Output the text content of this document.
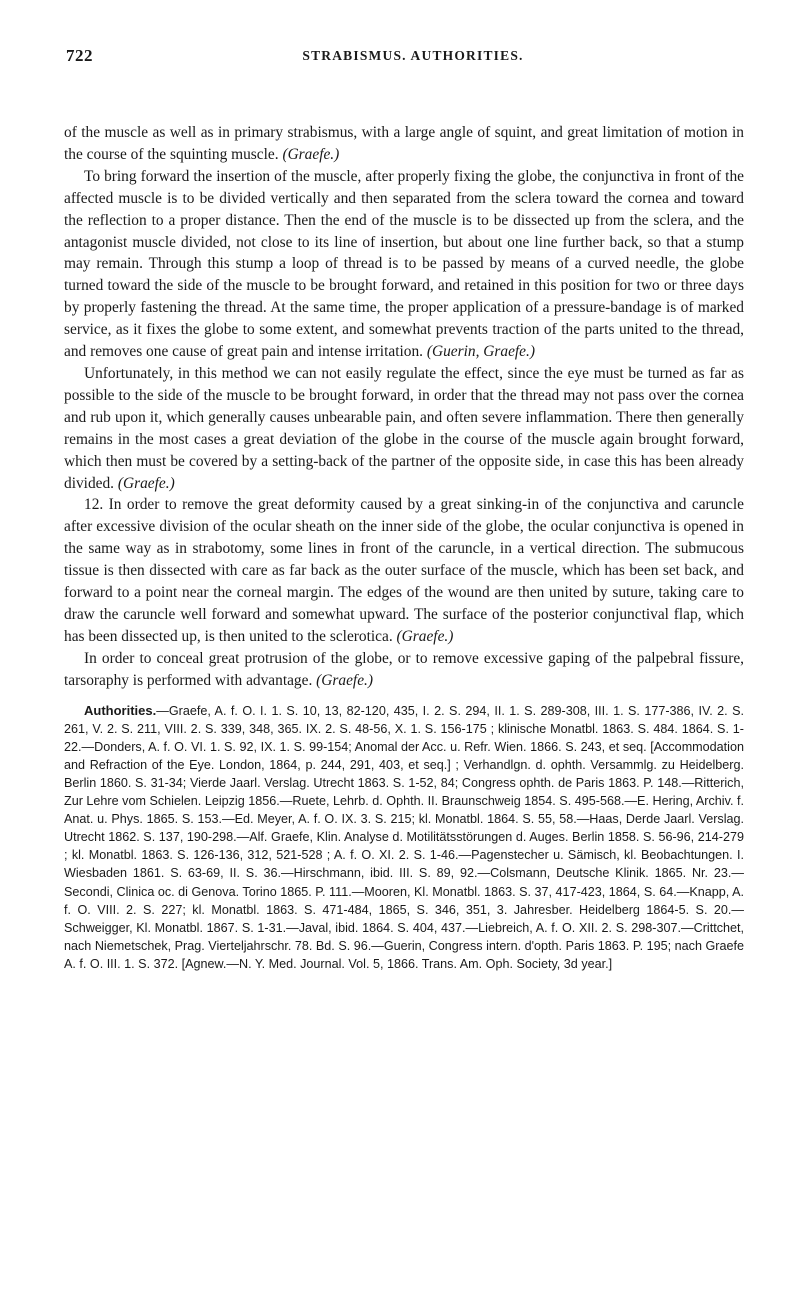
722	STRABISMUS. AUTHORITIES.

of the muscle as well as in primary strabismus, with a large angle of squint, and great limitation of motion in the course of the squinting muscle. (Graefe.)

To bring forward the insertion of the muscle, after properly fixing the globe, the conjunctiva in front of the affected muscle is to be divided vertically and then separated from the sclera toward the cornea and toward the reflection to a proper distance. Then the end of the muscle is to be dissected up from the sclera, and the antagonist muscle divided, not close to its line of insertion, but about one line further back, so that a stump may remain. Through this stump a loop of thread is to be passed by means of a curved needle, the globe turned toward the side of the muscle to be brought forward, and retained in this position for two or three days by properly fastening the thread. At the same time, the proper application of a pressure-bandage is of marked service, as it fixes the globe to some extent, and somewhat prevents traction of the parts united to the thread, and removes one cause of great pain and intense irritation. (Guerin, Graefe.)

Unfortunately, in this method we can not easily regulate the effect, since the eye must be turned as far as possible to the side of the muscle to be brought forward, in order that the thread may not pass over the cornea and rub upon it, which generally causes unbearable pain, and often severe inflammation. There then generally remains in the most cases a great deviation of the globe in the course of the muscle again brought forward, which then must be covered by a setting-back of the partner of the opposite side, in case this has been already divided. (Graefe.)

12. In order to remove the great deformity caused by a great sinking-in of the conjunctiva and caruncle after excessive division of the ocular sheath on the inner side of the globe, the ocular conjunctiva is opened in the same way as in strabotomy, some lines in front of the caruncle, in a vertical direction. The submucous tissue is then dissected with care as far back as the outer surface of the muscle, which has been set back, and forward to a point near the corneal margin. The edges of the wound are then united by suture, taking care to draw the caruncle well forward and somewhat upward. The surface of the posterior conjunctival flap, which has been dissected up, is then united to the sclerotica. (Graefe.)

In order to conceal great protrusion of the globe, or to remove excessive gaping of the palpebral fissure, tarsoraphy is performed with advantage. (Graefe.)

Authorities.—Graefe, A. f. O. I. 1. S. 10, 13, 82-120, 435, I. 2. S. 294, II. 1. S. 289-308, III. 1. S. 177-386, IV. 2. S. 261, V. 2. S. 211, VIII. 2. S. 339, 348, 365. IX. 2. S. 48-56, X. 1. S. 156-175 ; klinische Monatbl. 1863. S. 484. 1864. S. 1-22.—Donders, A. f. O. VI. 1. S. 92, IX. 1. S. 99-154; Anomal der Acc. u. Refr. Wien. 1866. S. 243, et seq. [Accommodation and Refraction of the Eye. London, 1864, p. 244, 291, 403, et seq.] ; Verhandlgn. d. ophth. Versammlg. zu Heidelberg. Berlin 1860. S. 31-34; Vierde Jaarl. Verslag. Utrecht 1863. S. 1-52, 84; Congress ophth. de Paris 1863. P. 148.—Ritterich, Zur Lehre vom Schielen. Leipzig 1856.—Ruete, Lehrb. d. Ophth. II. Braunschweig 1854. S. 495-568.—E. Hering, Archiv. f. Anat. u. Phys. 1865. S. 153.—Ed. Meyer, A. f. O. IX. 3. S. 215; kl. Monatbl. 1864. S. 55, 58.—Haas, Derde Jaarl. Verslag. Utrecht 1862. S. 137, 190-298.—Alf. Graefe, Klin. Analyse d. Motilitätsstörungen d. Auges. Berlin 1858. S. 56-96, 214-279 ; kl. Monatbl. 1863. S. 126-136, 312, 521-528 ; A. f. O. XI. 2. S. 1-46.—Pagenstecher u. Sämisch, kl. Beobachtungen. I. Wiesbaden 1861. S. 63-69, II. S. 36.—Hirschmann, ibid. III. S. 89, 92.—Colsmann, Deutsche Klinik. 1865. Nr. 23.—Secondi, Clinica oc. di Genova. Torino 1865. P. 111.—Mooren, Kl. Monatbl. 1863. S. 37, 417-423, 1864, S. 64.—Knapp, A. f. O. VIII. 2. S. 227; kl. Monatbl. 1863. S. 471-484, 1865, S. 346, 351, 3. Jahresber. Heidelberg 1864-5. S. 20.—Schweigger, Kl. Monatbl. 1867. S. 1-31.—Javal, ibid. 1864. S. 404, 437.—Liebreich, A. f. O. XII. 2. S. 298-307.—Crittchet, nach Niemetschek, Prag. Vierteljahrschr. 78. Bd. S. 96.—Guerin, Congress intern. d'opth. Paris 1863. P. 195; nach Graefe A. f. O. III. 1. S. 372. [Agnew.—N. Y. Med. Journal. Vol. 5, 1866. Trans. Am. Oph. Society, 3d year.]
